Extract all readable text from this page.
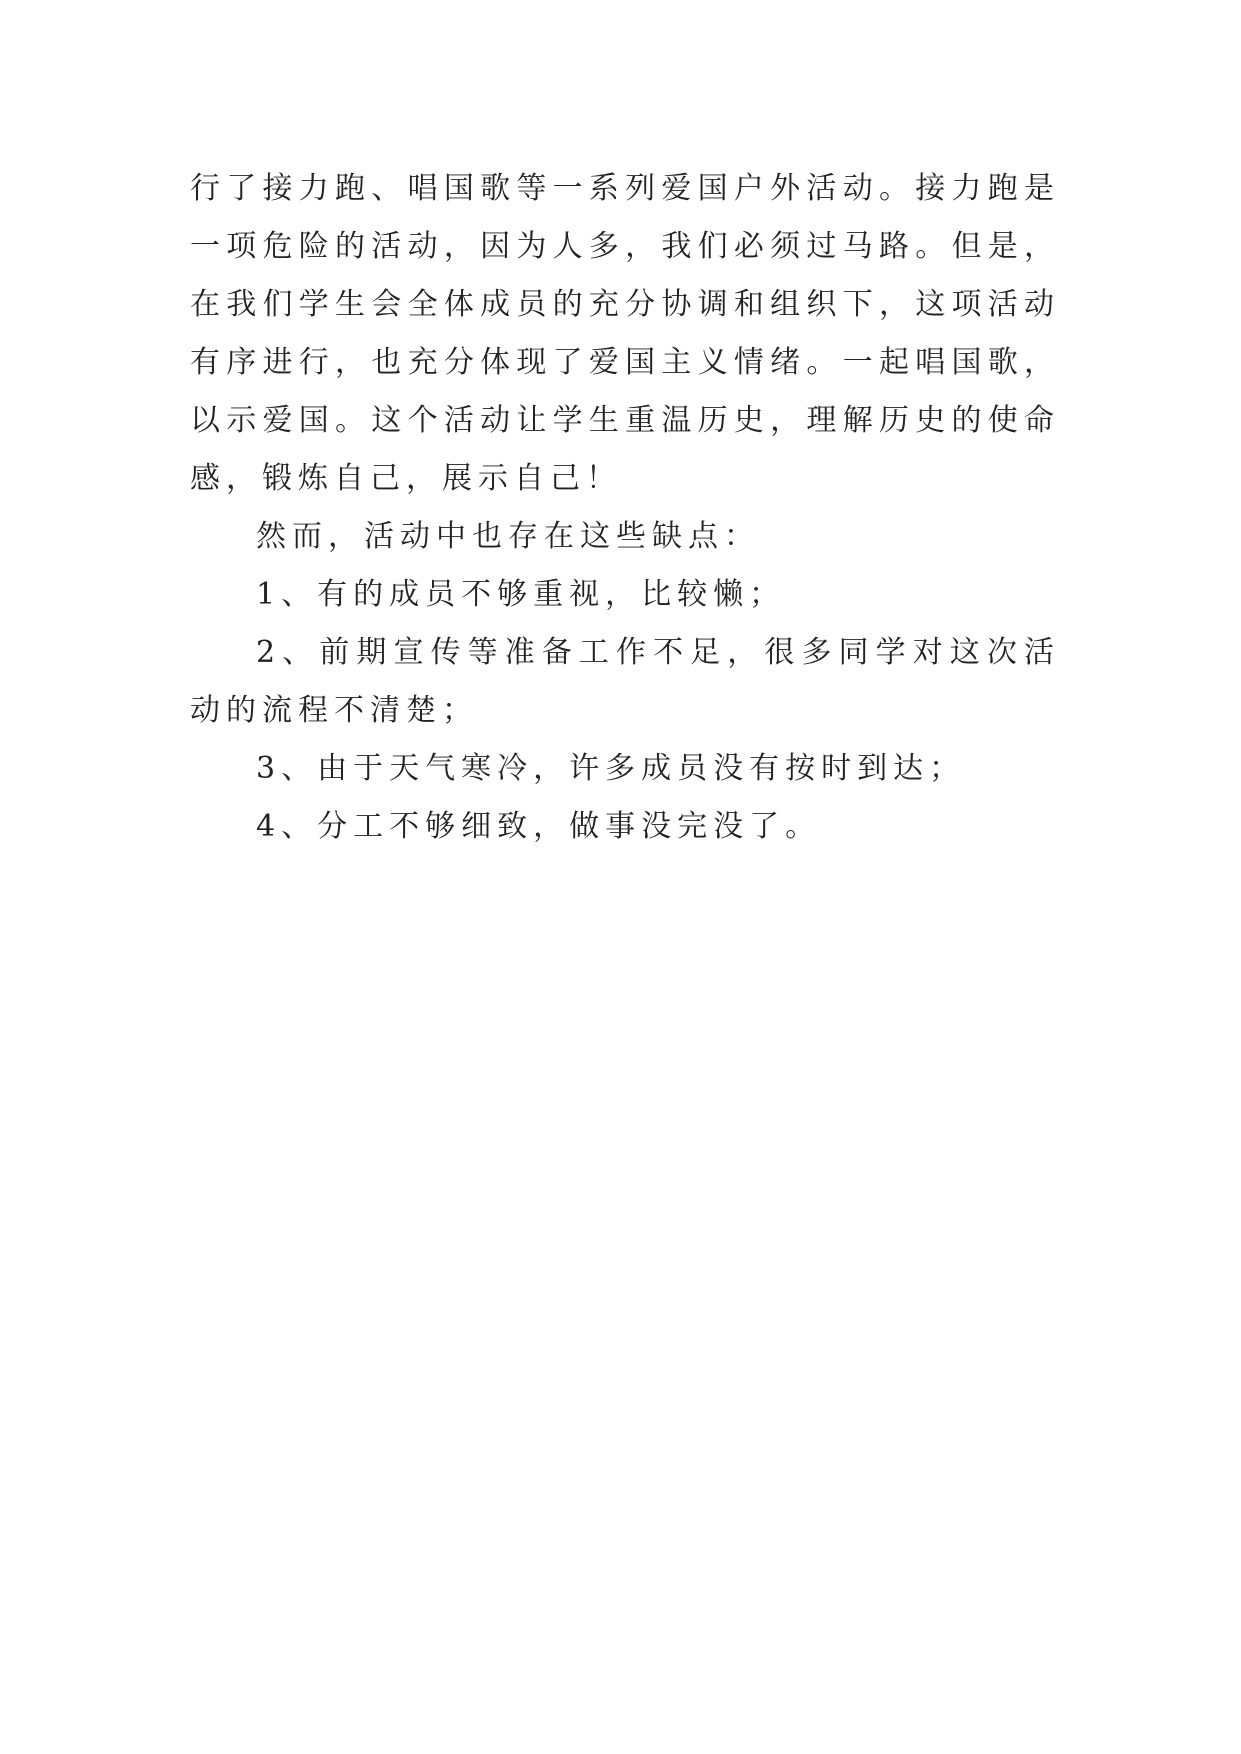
行了接力跑、唱国歌等一系列爱国户外活动。接力跑是一项危险的活动，因为人多，我们必须过马路。但是，在我们学生会全体成员的充分协调和组织下，这项活动有序进行，也充分体现了爱国主义情绪。一起唱国歌，以示爱国。这个活动让学生重温历史，理解历史的使命感，锻炼自己，展示自己！

然而，活动中也存在这些缺点：

1、有的成员不够重视，比较懒；

2、前期宣传等准备工作不足，很多同学对这次活动的流程不清楚；

3、由于天气寒冷，许多成员没有按时到达；

4、分工不够细致，做事没完没了。
